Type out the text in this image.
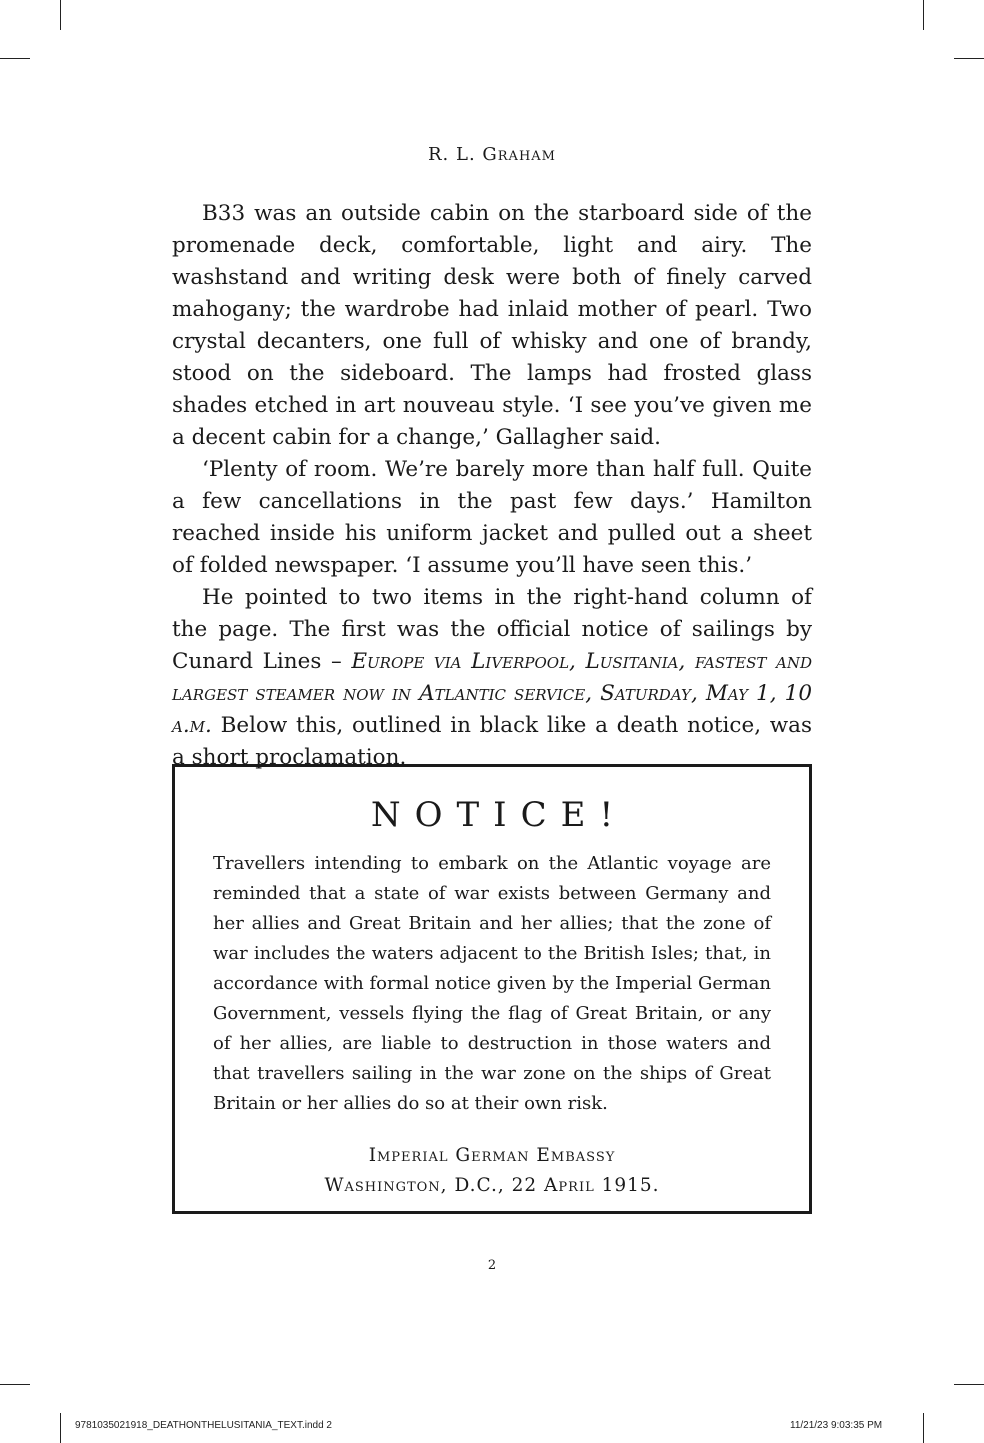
R. L. Graham

B33 was an outside cabin on the starboard side of the promenade deck, comfortable, light and airy. The washstand and writing desk were both of finely carved mahogany; the wardrobe had inlaid mother of pearl. Two crystal decanters, one full of whisky and one of brandy, stood on the sideboard. The lamps had frosted glass shades etched in art nouveau style. ‘I see you’ve given me a decent cabin for a change,’ Gallagher said.

‘Plenty of room. We’re barely more than half full. Quite a few cancellations in the past few days.’ Hamilton reached inside his uniform jacket and pulled out a sheet of folded newspaper. ‘I assume you’ll have seen this.’

He pointed to two items in the right-hand column of the page. The first was the official notice of sailings by Cunard Lines – Europe via Liverpool, Lusitania, fastest and largest steamer now in Atlantic service, Saturday, May 1, 10 a.m. Below this, outlined in black like a death notice, was a short proclamation.

NOTICE!
Travellers intending to embark on the Atlantic voyage are reminded that a state of war exists between Germany and her allies and Great Britain and her allies; that the zone of war includes the waters adjacent to the British Isles; that, in accordance with formal notice given by the Imperial German Government, vessels flying the flag of Great Britain, or any of her allies, are liable to destruction in those waters and that travellers sailing in the war zone on the ships of Great Britain or her allies do so at their own risk.
Imperial German Embassy
Washington, D.C., 22 April 1915.
2
9781035021918_DEATHONTHELUSITANIA_TEXT.indd 2	11/21/23 9:03:35 PM
